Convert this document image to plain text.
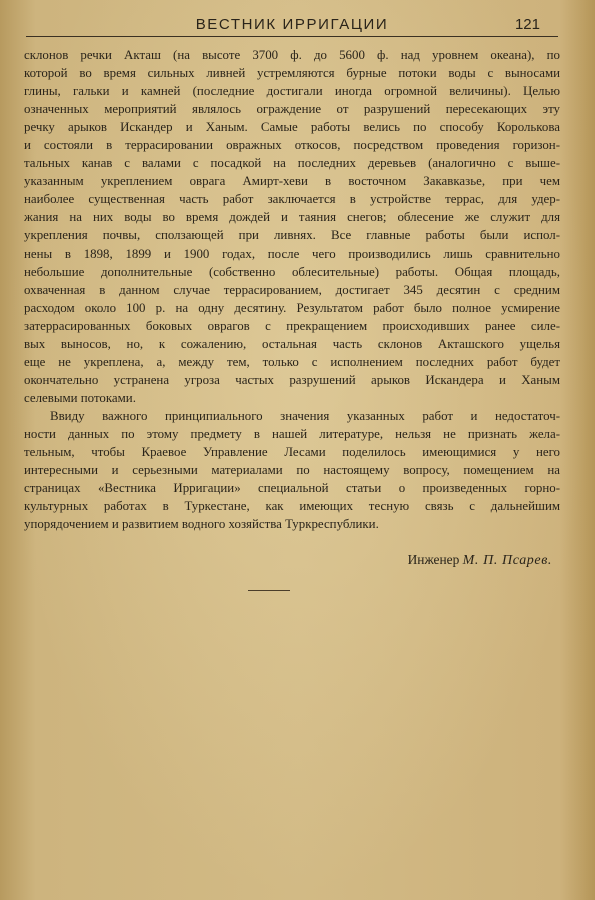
ВЕСТНИК ИРРИГАЦИИ	121
склонов речки Акташ (на высоте 3700 ф. до 5600 ф. над уровнем океана), по
которой во время сильных ливней устремляются бурные потоки воды с выносами
глины, гальки и камней (последние достигали иногда огромной величины). Целью
означенных мероприятий являлось ограждение от разрушений пересекающих эту
речку арыков Искандер и Ханым. Самые работы велись по способу Королькова
и состояли в террасировании овражных откосов, посредством проведения горизон-
тальных канав с валами с посадкой на последних деревьев (аналогично с выше-
указанным укреплением оврага Амирт-хеви в восточном Закавказье, при чем
наиболее существенная часть работ заключается в устройстве террас, для удер-
жания на них воды во время дождей и таяния снегов; облесение же служит для
укрепления почвы, сползающей при ливнях. Все главные работы были испол-
нены в 1898, 1899 и 1900 годах, после чего производились лишь сравнительно
небольшие дополнительные (собственно облесительные) работы. Общая площадь,
охваченная в данном случае террасированием, достигает 345 десятин с средним
расходом около 100 р. на одну десятину. Результатом работ было полное усмирение
затеррасированных боковых оврагов с прекращением происходивших ранее силе-
вых выносов, но, к сожалению, остальная часть склонов Акташского ущелья
еще не укреплена, а, между тем, только с исполнением последних работ будет
окончательно устранена угроза частых разрушений арыков Искандера и Ханым
селевыми потоками.
Ввиду важного принципиального значения указанных работ и недостаточ-
ности данных по этому предмету в нашей литературе, нельзя не признать жела-
тельным, чтобы Краевое Управление Лесами поделилось имеющимися у него
интересными и серьезными материалами по настоящему вопросу, помещением на
страницах «Вестника Ирригации» специальной статьи о произведенных горно-
культурных работах в Туркестане, как имеющих тесную связь с дальнейшим
упорядочением и развитием водного хозяйства Туркреспублики.
Инженер М. П. Псарев.
